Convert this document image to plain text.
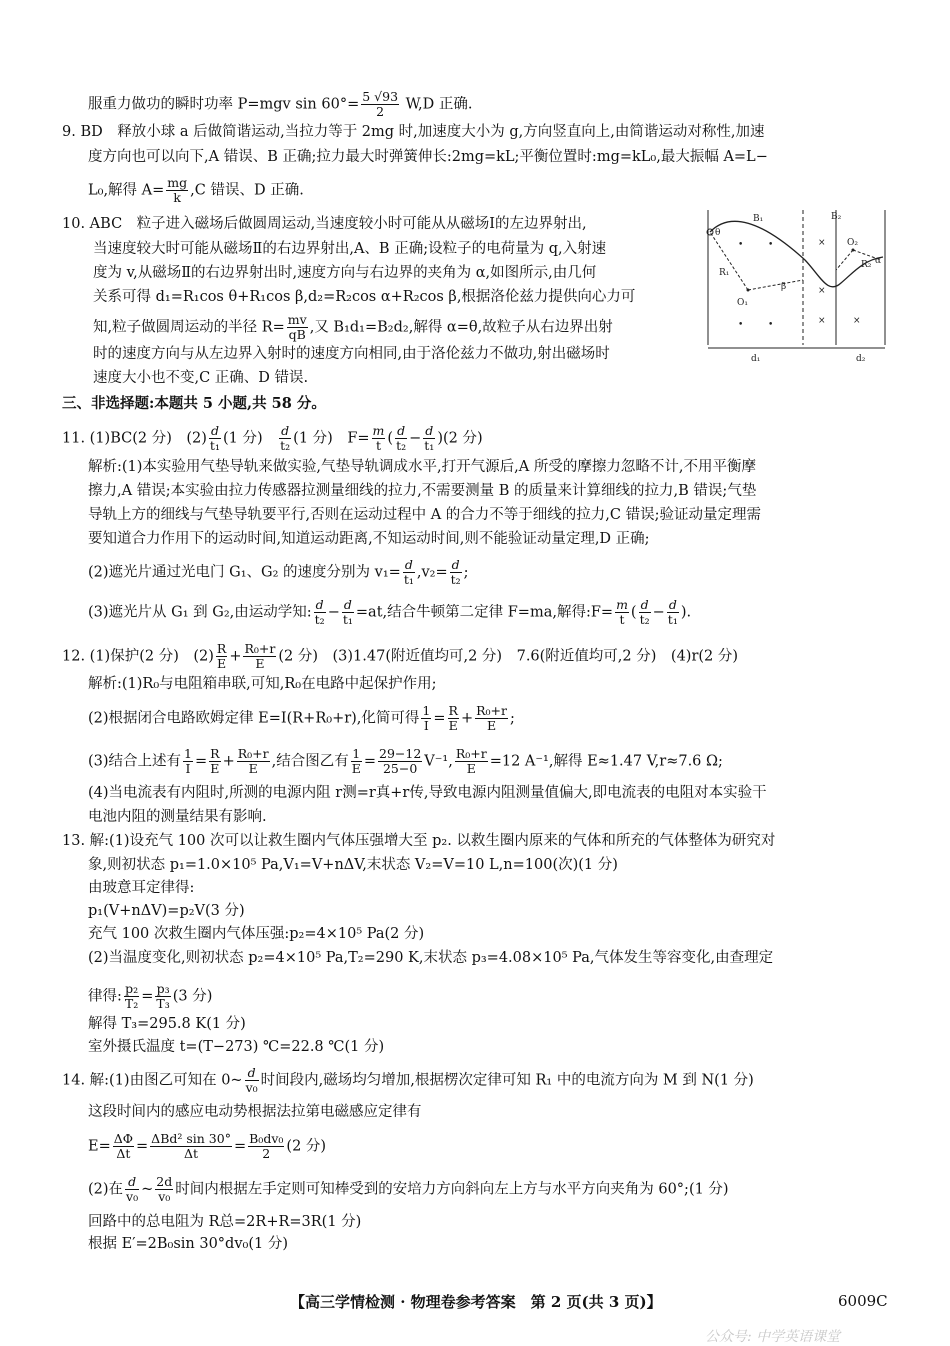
服重力做功的瞬时功率 P=mgv $\sin 60^\circ= \frac{5 √93}{2} W,D$ 正确.
9. BD　释放小球 a 后做简谐运动,当拉力等于 2mg 时,加速度大小为 g,方向竖直向上,由简谐运动对称性,加速
度方向也可以向下,A 错误、B 正确;拉力最大时弹簧伸长:2mg=kL;平衡位置时:mg=kL₀,最大振幅 A=L−
L₀,解得 $A= \frac{mg}{k} ,C$ 错误、D 正确.
10. ABC　粒子进入磁场后做圆周运动,当速度较小时可能从从磁场Ⅰ的左边界射出,
当速度较大时可能从磁场Ⅱ的右边界射出,A、B 正确;设粒子的电荷量为 q,入射速
度为 v,从磁场Ⅱ的右边界射出时,速度方向与右边界的夹角为 α,如图所示,由几何
关系可得 d₁=R₁cos θ+R₁cos β,d₂=R₂cos α+R₂cos β,根据洛伦兹力提供向心力可
知,粒子做圆周运动的半径 $R= \frac{mv}{qB}$ ,又 B₁d₁=B₂d₂,解得 α=θ,故粒子从右边界出射
时的速度方向与从左边界入射时的速度方向相同,由于洛伦兹力不做功,射出磁场时
速度大小也不变,C 正确、D 错误.
B₁	B₂
O₁
O₂
R₁
R₂
θ
β
α
d₁	d₂
•	•
•	•
×
×
×	×
三、非选择题:本题共 5 小题,共 58 分。
11. (1)BC(2 分)　$(2) \frac{d}{\text{t₁}} (1$ 分)　 $\frac{d}{\text{t₂}} (1$ 分)　$F= \frac{m}{t}$ ( $\frac{d}{\text{t₂}} - \frac{d}{\text{t₁}} )(2$ 分)
解析:(1)本实验用气垫导轨来做实验,气垫导轨调成水平,打开气源后,A 所受的摩擦力忽略不计,不用平衡摩
擦力,A 错误;本实验由拉力传感器拉测量细线的拉力,不需要测量 B 的质量来计算细线的拉力,B 错误;气垫
导轨上方的细线与气垫导轨要平行,否则在运动过程中 A 的合力不等于细线的拉力,C 错误;验证动量定理需
要知道合力作用下的运动时间,知道运动距离,不知运动时间,则不能验证动量定理,D 正确;
(2)遮光片通过光电门 G₁、G₂ 的速度分别为 $v_1= \frac{d}{\text{t₁}} ,v_2= \frac{d}{\text{t₂}}$ ;
(3)遮光片从 G₁ 到 G₂,由运动学知: $\frac{d}{\text{t₂}} - \frac{d}{\text{t₁}} =at$,结合牛顿第二定律 F=ma,解得:F= $\frac{m}{t}$ ( $\frac{d}{\text{t₂}} - \frac{d}{\text{t₁}}$ ).
12. (1)保护(2 分)　$(2) \frac{R}{E} + \frac{\text{R₀+r}}{E} (2$ 分)　(3)1.47(附近值均可,2 分)　7.6(附近值均可,2 分)　(4)r(2 分)
解析:(1)R₀与电阻箱串联,可知,R₀在电路中起保护作用;
(2)根据闭合电路欧姆定律 E=I(R+R₀+r),化简可得 $\frac{1}{I} = \frac{R}{E} + \frac{\text{R₀+r}}{E}$ ;
(3)结合上述有 $\frac{1}{I} = \frac{R}{E} + \frac{\text{R₀+r}}{E}$ ,结合图乙有 $\frac{1}{E} = \frac{29-12}{25-0} V^{-1}$, $\frac{\text{R₀+r}}{E} =12$ A⁻¹,解得 E≈1.47 V,r≈7.6 Ω;
(4)当电流表有内阻时,所测的电源内阻 r测=r真+r传,导致电源内阻测量值偏大,即电流表的电阻对本实验干
电池内阻的测量结果有影响.
13. 解:(1)设充气 100 次可以让救生圈内气体压强增大至 p₂. 以救生圈内原来的气体和所充的气体整体为研究对
象,则初状态 p₁=1.0×10⁵ Pa,V₁=V+nΔV,末状态 V₂=V=10 L,n=100(次)(1 分)
由玻意耳定律得:
p₁(V+nΔV)=p₂V(3 分)
充气 100 次救生圈内气体压强:p₂=4×10⁵ Pa(2 分)
(2)当温度变化,则初状态 p₂=4×10⁵ Pa,T₂=290 K,末状态 p₃=4.08×10⁵ Pa,气体发生等容变化,由查理定
律得: $\frac{\text{p₂}}{\text{T₂}} = \frac{\text{p₃}}{\text{T₃}} (3$ 分)
解得 T₃=295.8 K(1 分)
室外摄氏温度 t=(T−273) ℃=22.8 ℃(1 分)
14. 解:(1)由图乙可知在 0~ $\frac{d}{\text{v₀}}$ 时间段内,磁场均匀增加,根据楞次定律可知 R₁ 中的电流方向为 M 到 N(1 分)
这段时间内的感应电动势根据法拉第电磁感应定律有
$E= \frac{\Delta\Phi}{\Delta t} = \frac{\text{ΔBd² sin 30°}}{\Delta t} = \frac{\text{B₀dv₀}}{2} (2$ 分)
(2)在 $\frac{d}{\text{v₀}}$ ~ $\frac{2d}{\text{v₀}}$ 时间内根据左手定则可知棒受到的安培力方向斜向左上方与水平方向夹角为 60°;(1 分)
回路中的总电阻为 R总=2R+R=3R(1 分)
根据 E′=2B₀sin 30°dv₀(1 分)
【高三学情检测 · 物理卷参考答案　第 2 页(共 3 页)】	6009C
公众号: 中学英语课堂
